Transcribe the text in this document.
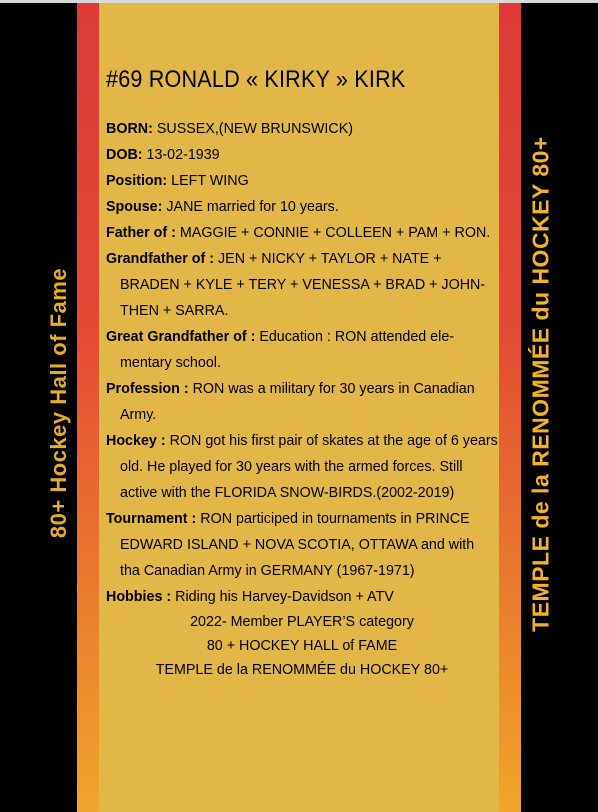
80+ Hockey Hall of Fame	TEMPLE de la RENOMMÉE du HOCKEY 80+
#69 RONALD « KIRKY » KIRK
BORN: SUSSEX,(NEW BRUNSWICK)
DOB: 13-02-1939
Position: LEFT WING
Spouse: JANE married for 10 years.
Father of : MAGGIE + CONNIE + COLLEEN + PAM + RON.
Grandfather of : JEN + NICKY + TAYLOR + NATE + BRADEN + KYLE + TERY + VENESSA + BRAD + JOHN-THEN + SARRA.
Great Grandfather of : Education : RON attended ele-mentary school.
Profession : RON was a military for 30 years in Canadian Army.
Hockey : RON got his first pair of skates at the age of 6 years old. He played for 30 years with the armed forces. Still active with the FLORIDA SNOW-BIRDS.(2002-2019)
Tournament : RON participed in tournaments in PRINCE EDWARD ISLAND + NOVA SCOTIA, OTTAWA and with tha Canadian Army in GERMANY (1967-1971)
Hobbies : Riding his Harvey-Davidson + ATV
2022- Member PLAYER’S category
80 + HOCKEY HALL of FAME
TEMPLE de la RENOMMÉE du HOCKEY 80+
